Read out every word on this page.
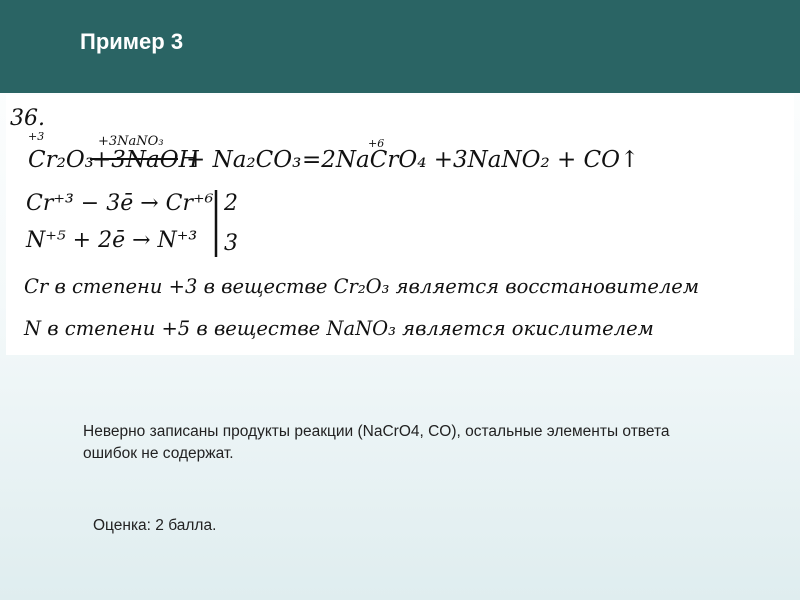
Пример 3
36.
+3
Cr₂O₃
+3NaNO₃
+3NaOH
+ Na₂CO₃
+6
=2NaCrO₄ +3NaNO₂ + CO↑
Cr⁺³ − 3ē → Cr⁺⁶
N⁺⁵ + 2ē → N⁺³
2
3
Cr в степени +3 в веществе Cr₂O₃ является восстановителем
N в степени +5 в веществе NaNO₃ является окислителем
Неверно записаны продукты реакции (NaCrO4, CO), остальные элементы ответа ошибок не содержат.
Оценка: 2 балла.
